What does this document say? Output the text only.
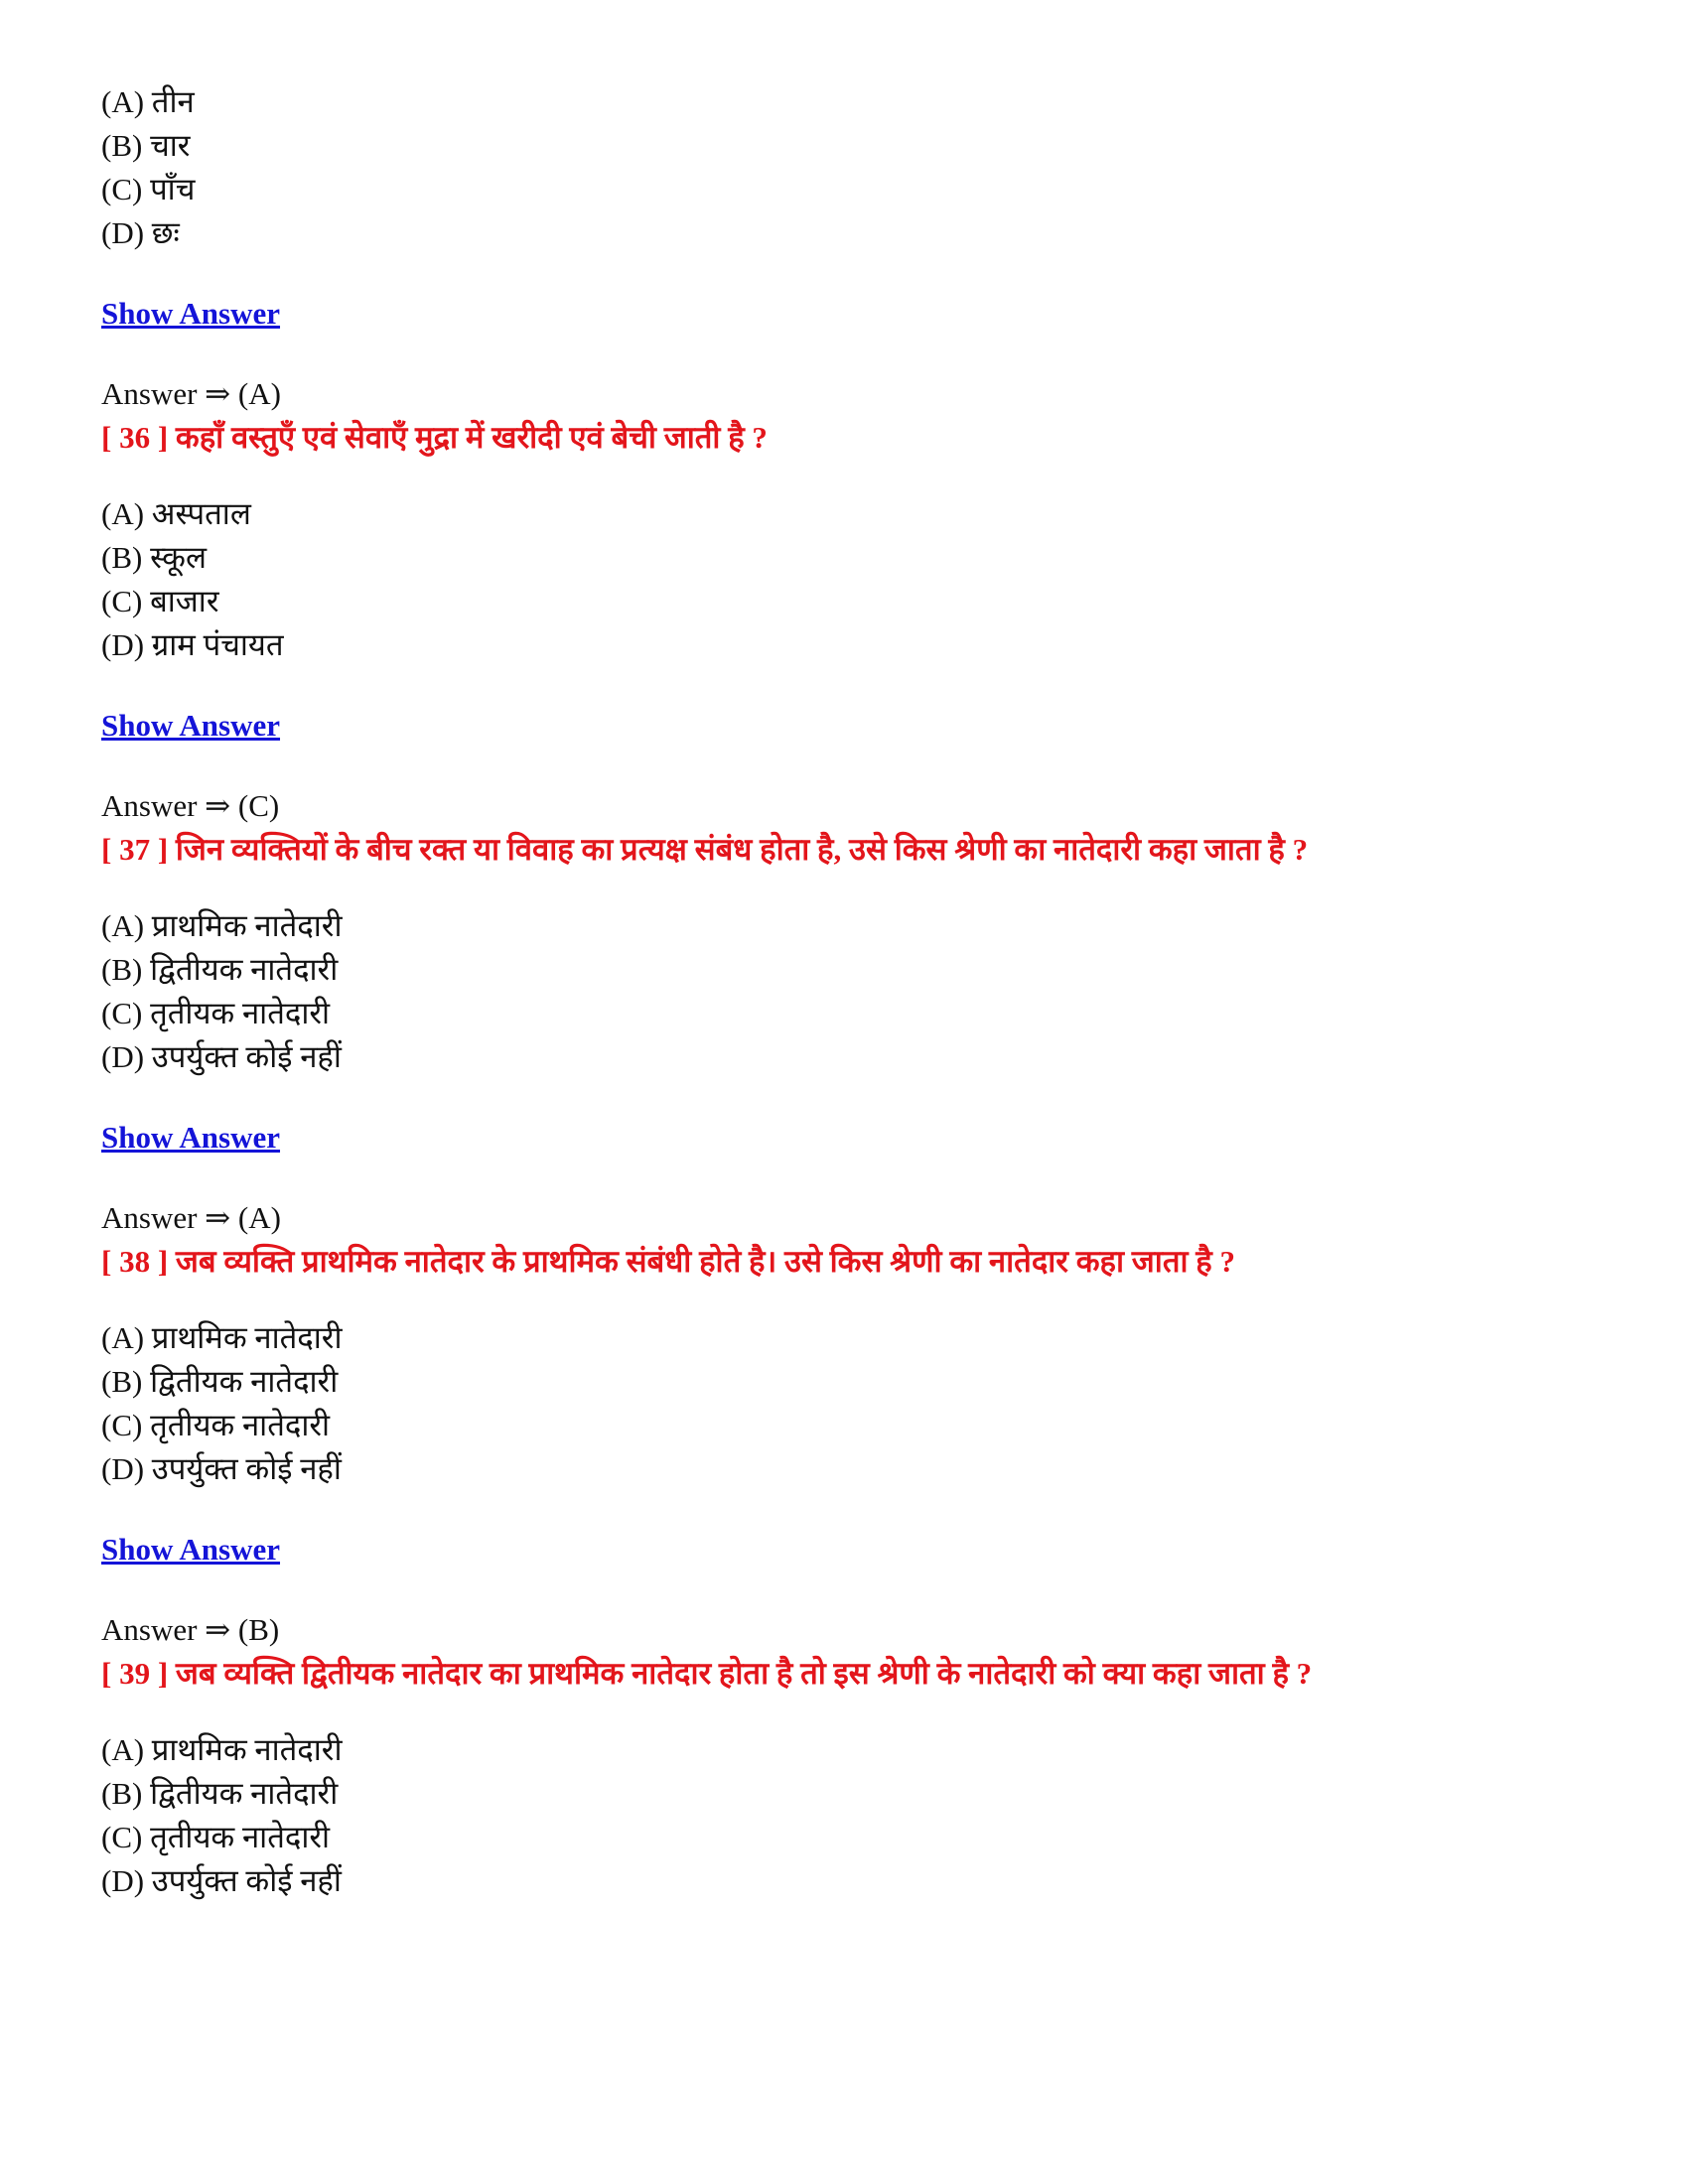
(A) तीन
(B) चार
(C) पाँच
(D) छः
Show Answer
Answer ⇒ (A)
[ 36 ] कहाँ वस्तुएँ एवं सेवाएँ मुद्रा में खरीदी एवं बेची जाती है ?
(A) अस्पताल
(B) स्कूल
(C) बाजार
(D) ग्राम पंचायत
Show Answer
Answer ⇒ (C)
[ 37 ] जिन व्यक्तियों के बीच रक्त या विवाह का प्रत्यक्ष संबंध होता है, उसे किस श्रेणी का नातेदारी कहा जाता है ?
(A) प्राथमिक नातेदारी
(B) द्वितीयक नातेदारी
(C) तृतीयक नातेदारी
(D) उपर्युक्त कोई नहीं
Show Answer
Answer ⇒ (A)
[ 38 ] जब व्यक्ति प्राथमिक नातेदार के प्राथमिक संबंधी होते है। उसे किस श्रेणी का नातेदार कहा जाता है ?
(A) प्राथमिक नातेदारी
(B) द्वितीयक नातेदारी
(C) तृतीयक नातेदारी
(D) उपर्युक्त कोई नहीं
Show Answer
Answer ⇒ (B)
[ 39 ] जब व्यक्ति द्वितीयक नातेदार का प्राथमिक नातेदार होता है तो इस श्रेणी के नातेदारी को क्या कहा जाता है ?
(A) प्राथमिक नातेदारी
(B) द्वितीयक नातेदारी
(C) तृतीयक नातेदारी
(D) उपर्युक्त कोई नहीं
